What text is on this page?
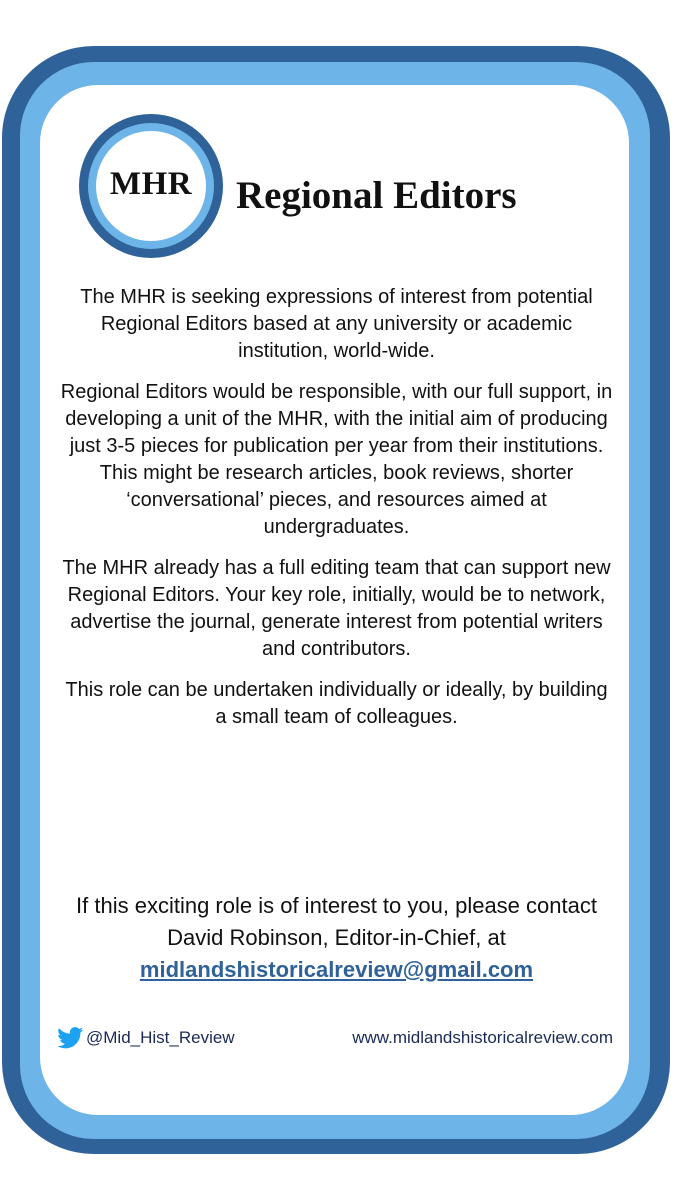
MHR Regional Editors

The MHR is seeking expressions of interest from potential Regional Editors based at any university or academic institution, world-wide.

Regional Editors would be responsible, with our full support, in developing a unit of the MHR, with the initial aim of producing just 3-5 pieces for publication per year from their institutions. This might be research articles, book reviews, shorter ‘conversational’ pieces, and resources aimed at undergraduates.

The MHR already has a full editing team that can support new Regional Editors. Your key role, initially, would be to network, advertise the journal, generate interest from potential writers and contributors.

This role can be undertaken individually or ideally, by building a small team of colleagues.

If this exciting role is of interest to you, please contact David Robinson, Editor-in-Chief, at

midlandshistoricalreview@gmail.com
@Mid_Hist_Review	www.midlandshistoricalreview.com
